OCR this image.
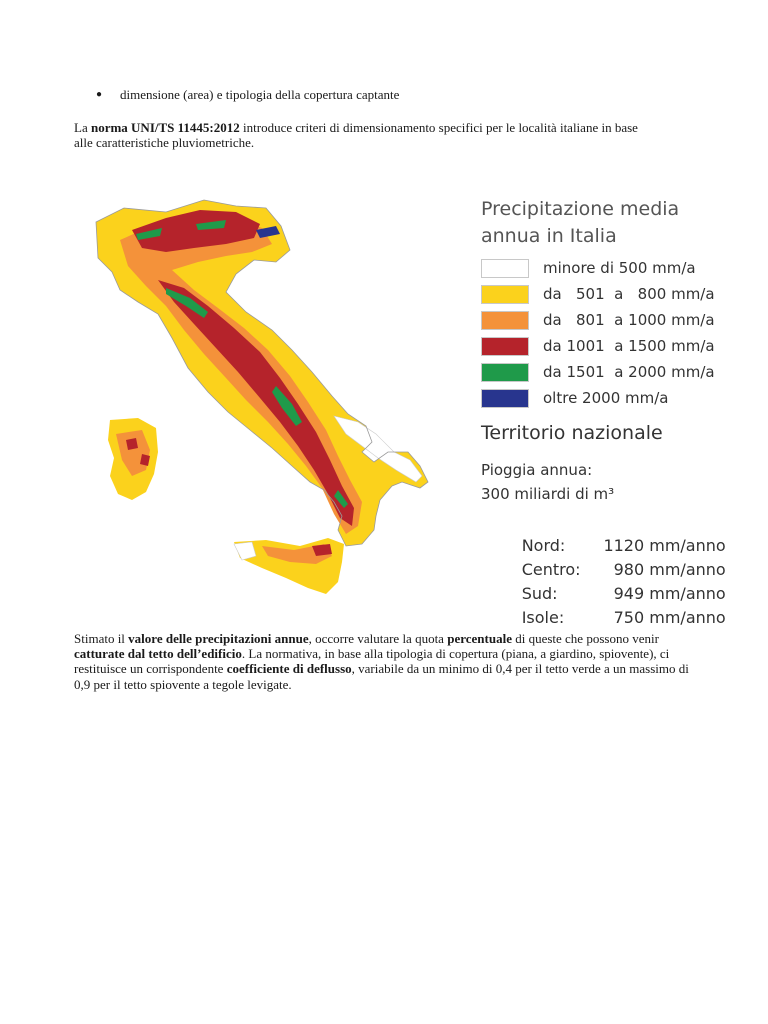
●	dimensione (area) e tipologia della copertura captante
La norma UNI/TS 11445:2012 introduce criteri di dimensionamento specifici per le località italiane in base
alle caratteristiche pluviometriche.
Precipitazione media
annua in Italia
minore di 500 mm/a
da   501  a   800 mm/a
da   801  a 1000 mm/a
da 1001  a 1500 mm/a
da 1501  a 2000 mm/a
oltre 2000 mm/a
Territorio nazionale
Pioggia annua:
300 miliardi di m³

Nord: 1120 mm/anno

Centro: 980 mm/anno

Sud:	949 mm/anno

Isole:	750 mm/anno

Stimato il valore delle precipitazioni annue, occorre valutare la quota percentuale di queste che possono venir catturate dal tetto dell’edificio. La normativa, in base alla tipologia di copertura (piana, a giardino, spiovente), ci restituisce un corrispondente coefficiente di deflusso, variabile da un minimo di 0,4 per il tetto verde a un massimo di 0,9 per il tetto spiovente a tegole levigate.
